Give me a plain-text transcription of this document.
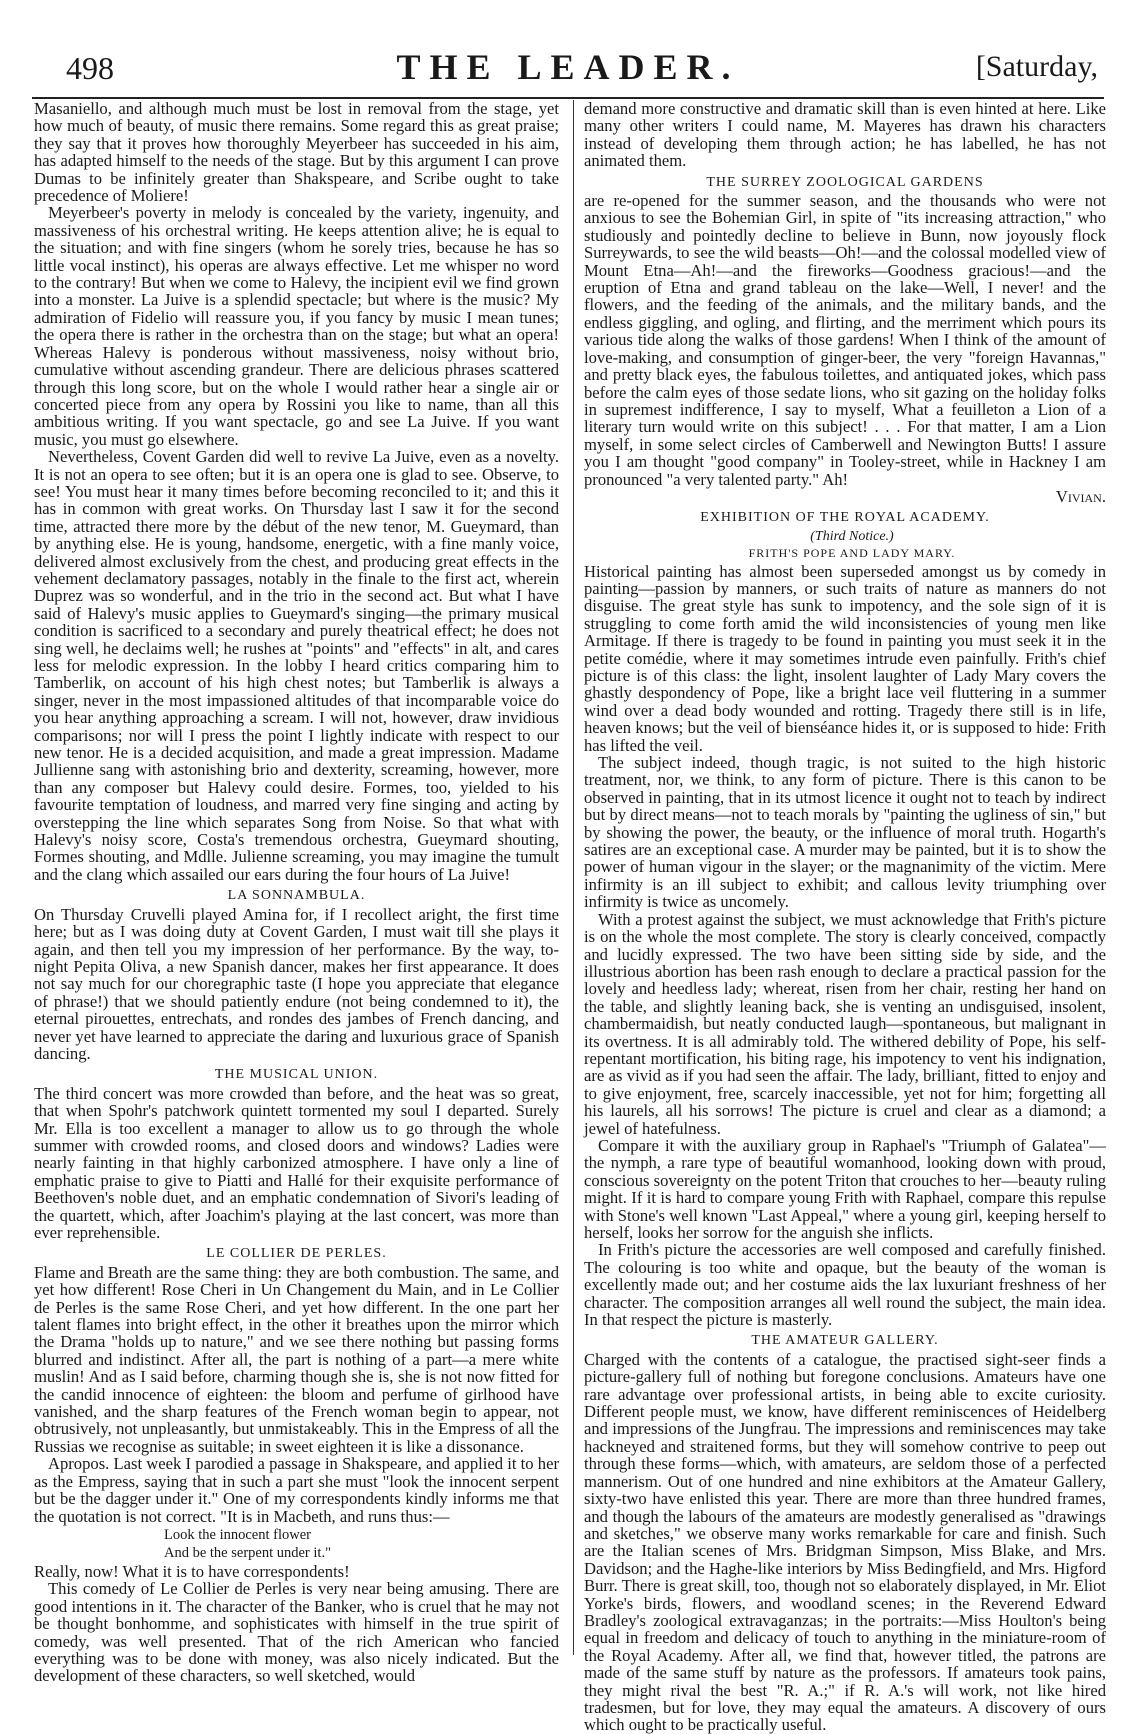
498	THE LEADER.	[Saturday,

Masaniello, and although much must be lost in removal from the stage, yet how much of beauty, of music there remains. Some regard this as great praise; they say that it proves how thoroughly Meyerbeer has succeeded in his aim, has adapted himself to the needs of the stage. But by this argument I can prove Dumas to be infinitely greater than Shakspeare, and Scribe ought to take precedence of Moliere!

Meyerbeer's poverty in melody is concealed by the variety, ingenuity, and massiveness of his orchestral writing. He keeps attention alive; he is equal to the situation; and with fine singers (whom he sorely tries, because he has so little vocal instinct), his operas are always effective. Let me whisper no word to the contrary! But when we come to Halevy, the incipient evil we find grown into a monster. La Juive is a splendid spectacle; but where is the music? My admiration of Fidelio will reassure you, if you fancy by music I mean tunes; the opera there is rather in the orchestra than on the stage; but what an opera! Whereas Halevy is ponderous without massiveness, noisy without brio, cumulative without ascending grandeur. There are delicious phrases scattered through this long score, but on the whole I would rather hear a single air or concerted piece from any opera by Rossini you like to name, than all this ambitious writing. If you want spectacle, go and see La Juive. If you want music, you must go elsewhere.

Nevertheless, Covent Garden did well to revive La Juive, even as a novelty. It is not an opera to see often; but it is an opera one is glad to see. Observe, to see! You must hear it many times before becoming reconciled to it; and this it has in common with great works. On Thursday last I saw it for the second time, attracted there more by the début of the new tenor, M. Gueymard, than by anything else. He is young, handsome, energetic, with a fine manly voice, delivered almost exclusively from the chest, and producing great effects in the vehement declamatory passages, notably in the finale to the first act, wherein Duprez was so wonderful, and in the trio in the second act. But what I have said of Halevy's music applies to Gueymard's singing—the primary musical condition is sacrificed to a secondary and purely theatrical effect; he does not sing well, he declaims well; he rushes at "points" and "effects" in alt, and cares less for melodic expression. In the lobby I heard critics comparing him to Tamberlik, on account of his high chest notes; but Tamberlik is always a singer, never in the most impassioned altitudes of that incomparable voice do you hear anything approaching a scream. I will not, however, draw invidious comparisons; nor will I press the point I lightly indicate with respect to our new tenor. He is a decided acquisition, and made a great impression. Madame Jullienne sang with astonishing brio and dexterity, screaming, however, more than any composer but Halevy could desire. Formes, too, yielded to his favourite temptation of loudness, and marred very fine singing and acting by overstepping the line which separates Song from Noise. So that what with Halevy's noisy score, Costa's tremendous orchestra, Gueymard shouting, Formes shouting, and Mdlle. Julienne screaming, you may imagine the tumult and the clang which assailed our ears during the four hours of La Juive!

LA SONNAMBULA.

On Thursday Cruvelli played Amina for, if I recollect aright, the first time here; but as I was doing duty at Covent Garden, I must wait till she plays it again, and then tell you my impression of her performance. By the way, to-night Pepita Oliva, a new Spanish dancer, makes her first appearance. It does not say much for our choregraphic taste (I hope you appreciate that elegance of phrase!) that we should patiently endure (not being condemned to it), the eternal pirouettes, entrechats, and rondes des jambes of French dancing, and never yet have learned to appreciate the daring and luxurious grace of Spanish dancing.

THE MUSICAL UNION.

The third concert was more crowded than before, and the heat was so great, that when Spohr's patchwork quintett tormented my soul I departed. Surely Mr. Ella is too excellent a manager to allow us to go through the whole summer with crowded rooms, and closed doors and windows? Ladies were nearly fainting in that highly carbonized atmosphere. I have only a line of emphatic praise to give to Piatti and Hallé for their exquisite performance of Beethoven's noble duet, and an emphatic condemnation of Sivori's leading of the quartett, which, after Joachim's playing at the last concert, was more than ever reprehensible.

LE COLLIER DE PERLES.

Flame and Breath are the same thing: they are both combustion. The same, and yet how different! Rose Cheri in Un Changement du Main, and in Le Collier de Perles is the same Rose Cheri, and yet how different. In the one part her talent flames into bright effect, in the other it breathes upon the mirror which the Drama "holds up to nature," and we see there nothing but passing forms blurred and indistinct. After all, the part is nothing of a part—a mere white muslin! And as I said before, charming though she is, she is not now fitted for the candid innocence of eighteen: the bloom and perfume of girlhood have vanished, and the sharp features of the French woman begin to appear, not obtrusively, not unpleasantly, but unmistakeably. This in the Empress of all the Russias we recognise as suitable; in sweet eighteen it is like a dissonance.

Apropos. Last week I parodied a passage in Shakspeare, and applied it to her as the Empress, saying that in such a part she must "look the innocent serpent but be the dagger under it." One of my correspondents kindly informs me that the quotation is not correct. "It is in Macbeth, and runs thus:—

Look the innocent flower
And be the serpent under it."

Really, now! What it is to have correspondents!

This comedy of Le Collier de Perles is very near being amusing. There are good intentions in it. The character of the Banker, who is cruel that he may not be thought bonhomme, and sophisticates with himself in the true spirit of comedy, was well presented. That of the rich American who fancied everything was to be done with money, was also nicely indicated. But the development of these characters, so well sketched, would

demand more constructive and dramatic skill than is even hinted at here. Like many other writers I could name, M. Mayeres has drawn his characters instead of developing them through action; he has labelled, he has not animated them.

THE SURREY ZOOLOGICAL GARDENS

are re-opened for the summer season, and the thousands who were not anxious to see the Bohemian Girl, in spite of "its increasing attraction," who studiously and pointedly decline to believe in Bunn, now joyously flock Surreywards, to see the wild beasts—Oh!—and the colossal modelled view of Mount Etna—Ah!—and the fireworks—Goodness gracious!—and the eruption of Etna and grand tableau on the lake—Well, I never! and the flowers, and the feeding of the animals, and the military bands, and the endless giggling, and ogling, and flirting, and the merriment which pours its various tide along the walks of those gardens! When I think of the amount of love-making, and consumption of ginger-beer, the very "foreign Havannas," and pretty black eyes, the fabulous toilettes, and antiquated jokes, which pass before the calm eyes of those sedate lions, who sit gazing on the holiday folks in supremest indifference, I say to myself, What a feuilleton a Lion of a literary turn would write on this subject! . . . For that matter, I am a Lion myself, in some select circles of Camberwell and Newington Butts! I assure you I am thought "good company" in Tooley-street, while in Hackney I am pronounced "a very talented party." Ah!

Vivian.

EXHIBITION OF THE ROYAL ACADEMY.

(Third Notice.)

FRITH'S POPE AND LADY MARY.

Historical painting has almost been superseded amongst us by comedy in painting—passion by manners, or such traits of nature as manners do not disguise. The great style has sunk to impotency, and the sole sign of it is struggling to come forth amid the wild inconsistencies of young men like Armitage. If there is tragedy to be found in painting you must seek it in the petite comédie, where it may sometimes intrude even painfully. Frith's chief picture is of this class: the light, insolent laughter of Lady Mary covers the ghastly despondency of Pope, like a bright lace veil fluttering in a summer wind over a dead body wounded and rotting. Tragedy there still is in life, heaven knows; but the veil of bienséance hides it, or is supposed to hide: Frith has lifted the veil.

The subject indeed, though tragic, is not suited to the high historic treatment, nor, we think, to any form of picture. There is this canon to be observed in painting, that in its utmost licence it ought not to teach by indirect but by direct means—not to teach morals by "painting the ugliness of sin," but by showing the power, the beauty, or the influence of moral truth. Hogarth's satires are an exceptional case. A murder may be painted, but it is to show the power of human vigour in the slayer; or the magnanimity of the victim. Mere infirmity is an ill subject to exhibit; and callous levity triumphing over infirmity is twice as uncomely.

With a protest against the subject, we must acknowledge that Frith's picture is on the whole the most complete. The story is clearly conceived, compactly and lucidly expressed. The two have been sitting side by side, and the illustrious abortion has been rash enough to declare a practical passion for the lovely and heedless lady; whereat, risen from her chair, resting her hand on the table, and slightly leaning back, she is venting an undisguised, insolent, chambermaidish, but neatly conducted laugh—spontaneous, but malignant in its overtness. It is all admirably told. The withered debility of Pope, his self-repentant mortification, his biting rage, his impotency to vent his indignation, are as vivid as if you had seen the affair. The lady, brilliant, fitted to enjoy and to give enjoyment, free, scarcely inaccessible, yet not for him; forgetting all his laurels, all his sorrows! The picture is cruel and clear as a diamond; a jewel of hatefulness.

Compare it with the auxiliary group in Raphael's "Triumph of Galatea"—the nymph, a rare type of beautiful womanhood, looking down with proud, conscious sovereignty on the potent Triton that crouches to her—beauty ruling might. If it is hard to compare young Frith with Raphael, compare this repulse with Stone's well known "Last Appeal," where a young girl, keeping herself to herself, looks her sorrow for the anguish she inflicts.

In Frith's picture the accessories are well composed and carefully finished. The colouring is too white and opaque, but the beauty of the woman is excellently made out; and her costume aids the lax luxuriant freshness of her character. The composition arranges all well round the subject, the main idea. In that respect the picture is masterly.

THE AMATEUR GALLERY.

Charged with the contents of a catalogue, the practised sight-seer finds a picture-gallery full of nothing but foregone conclusions. Amateurs have one rare advantage over professional artists, in being able to excite curiosity. Different people must, we know, have different reminiscences of Heidelberg and impressions of the Jungfrau. The impressions and reminiscences may take hackneyed and straitened forms, but they will somehow contrive to peep out through these forms—which, with amateurs, are seldom those of a perfected mannerism. Out of one hundred and nine exhibitors at the Amateur Gallery, sixty-two have enlisted this year. There are more than three hundred frames, and though the labours of the amateurs are modestly generalised as "drawings and sketches," we observe many works remarkable for care and finish. Such are the Italian scenes of Mrs. Bridgman Simpson, Miss Blake, and Mrs. Davidson; and the Haghe-like interiors by Miss Bedingfield, and Mrs. Higford Burr. There is great skill, too, though not so elaborately displayed, in Mr. Eliot Yorke's birds, flowers, and woodland scenes; in the Reverend Edward Bradley's zoological extravaganzas; in the portraits:—Miss Houlton's being equal in freedom and delicacy of touch to anything in the miniature-room of the Royal Academy. After all, we find that, however titled, the patrons are made of the same stuff by nature as the professors. If amateurs took pains, they might rival the best "R. A.;" if R. A.'s will work, not like hired tradesmen, but for love, they may equal the amateurs. A discovery of ours which ought to be practically useful.
